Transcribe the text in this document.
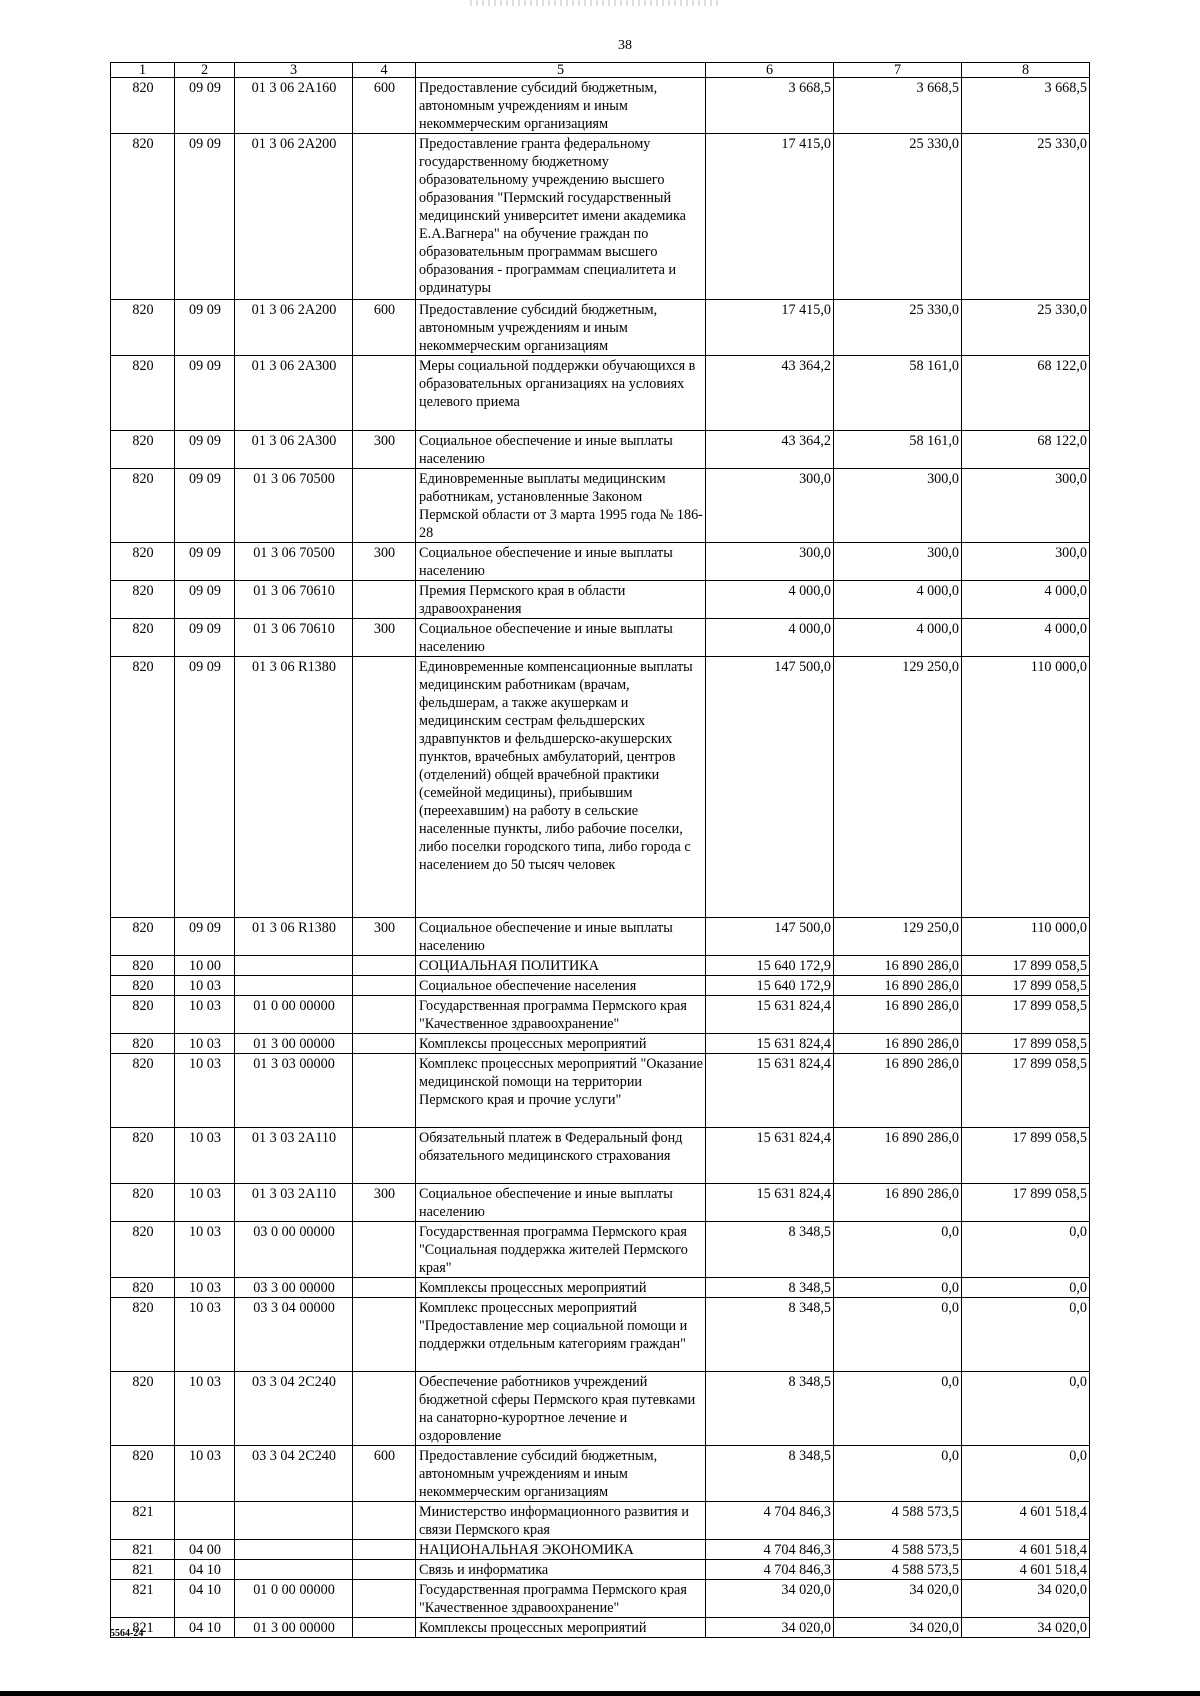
38
1	2	3	4	5	6	7	8
820	09 09	01 3 06 2А160	600	Предоставление субсидий бюджетным, автономным учреждениям и иным некоммерческим организациям	3 668,5	3 668,5	3 668,5
820	09 09	01 3 06 2А200		Предоставление гранта федеральному государственному бюджетному образовательному учреждению высшего образования "Пермский государственный медицинский университет имени академика Е.А.Вагнера" на обучение граждан по образовательным программам высшего образования - программам специалитета и ординатуры	17 415,0	25 330,0	25 330,0
820	09 09	01 3 06 2А200	600	Предоставление субсидий бюджетным, автономным учреждениям и иным некоммерческим организациям	17 415,0	25 330,0	25 330,0
820	09 09	01 3 06 2А300		Меры социальной поддержки обучающихся в образовательных организациях на условиях целевого приема	43 364,2	58 161,0	68 122,0
820	09 09	01 3 06 2А300	300	Социальное обеспечение и иные выплаты населению	43 364,2	58 161,0	68 122,0
820	09 09	01 3 06 70500		Единовременные выплаты медицинским работникам, установленные Законом Пермской области от 3 марта 1995 года № 186-28	300,0	300,0	300,0
820	09 09	01 3 06 70500	300	Социальное обеспечение и иные выплаты населению	300,0	300,0	300,0
820	09 09	01 3 06 70610		Премия Пермского края в области здравоохранения	4 000,0	4 000,0	4 000,0
820	09 09	01 3 06 70610	300	Социальное обеспечение и иные выплаты населению	4 000,0	4 000,0	4 000,0
820	09 09	01 3 06 R1380		Единовременные компенсационные выплаты медицинским работникам (врачам, фельдшерам, а также акушеркам и медицинским сестрам фельдшерских здравпунктов и фельдшерско-акушерских пунктов, врачебных амбулаторий, центров (отделений) общей врачебной практики (семейной медицины), прибывшим (переехавшим) на работу в сельские населенные пункты, либо рабочие поселки, либо поселки городского типа, либо города с населением до 50 тысяч человек	147 500,0	129 250,0	110 000,0
820	09 09	01 3 06 R1380	300	Социальное обеспечение и иные выплаты населению	147 500,0	129 250,0	110 000,0
820	10 00			СОЦИАЛЬНАЯ ПОЛИТИКА	15 640 172,9	16 890 286,0	17 899 058,5
820	10 03			Социальное обеспечение населения	15 640 172,9	16 890 286,0	17 899 058,5
820	10 03	01 0 00 00000		Государственная программа Пермского края "Качественное здравоохранение"	15 631 824,4	16 890 286,0	17 899 058,5
820	10 03	01 3 00 00000		Комплексы процессных мероприятий	15 631 824,4	16 890 286,0	17 899 058,5
820	10 03	01 3 03 00000		Комплекс процессных мероприятий "Оказание медицинской помощи на территории Пермского края и прочие услуги"	15 631 824,4	16 890 286,0	17 899 058,5
820	10 03	01 3 03 2А110		Обязательный платеж в Федеральный фонд обязательного медицинского страхования	15 631 824,4	16 890 286,0	17 899 058,5
820	10 03	01 3 03 2А110	300	Социальное обеспечение и иные выплаты населению	15 631 824,4	16 890 286,0	17 899 058,5
820	10 03	03 0 00 00000		Государственная программа Пермского края "Социальная поддержка жителей Пермского края"	8 348,5	0,0	0,0
820	10 03	03 3 00 00000		Комплексы процессных мероприятий	8 348,5	0,0	0,0
820	10 03	03 3 04 00000		Комплекс процессных мероприятий "Предоставление мер социальной помощи и поддержки отдельным категориям граждан"	8 348,5	0,0	0,0
820	10 03	03 3 04 2С240		Обеспечение работников учреждений бюджетной сферы Пермского края путевками на санаторно-курортное лечение и оздоровление	8 348,5	0,0	0,0
820	10 03	03 3 04 2С240	600	Предоставление субсидий бюджетным, автономным учреждениям и иным некоммерческим организациям	8 348,5	0,0	0,0
821				Министерство информационного развития и связи Пермского края	4 704 846,3	4 588 573,5	4 601 518,4
821	04 00			НАЦИОНАЛЬНАЯ ЭКОНОМИКА	4 704 846,3	4 588 573,5	4 601 518,4
821	04 10			Связь и информатика	4 704 846,3	4 588 573,5	4 601 518,4
821	04 10	01 0 00 00000		Государственная программа Пермского края "Качественное здравоохранение"	34 020,0	34 020,0	34 020,0
821	04 10	01 3 00 00000		Комплексы процессных мероприятий	34 020,0	34 020,0	34 020,0
5564-24
